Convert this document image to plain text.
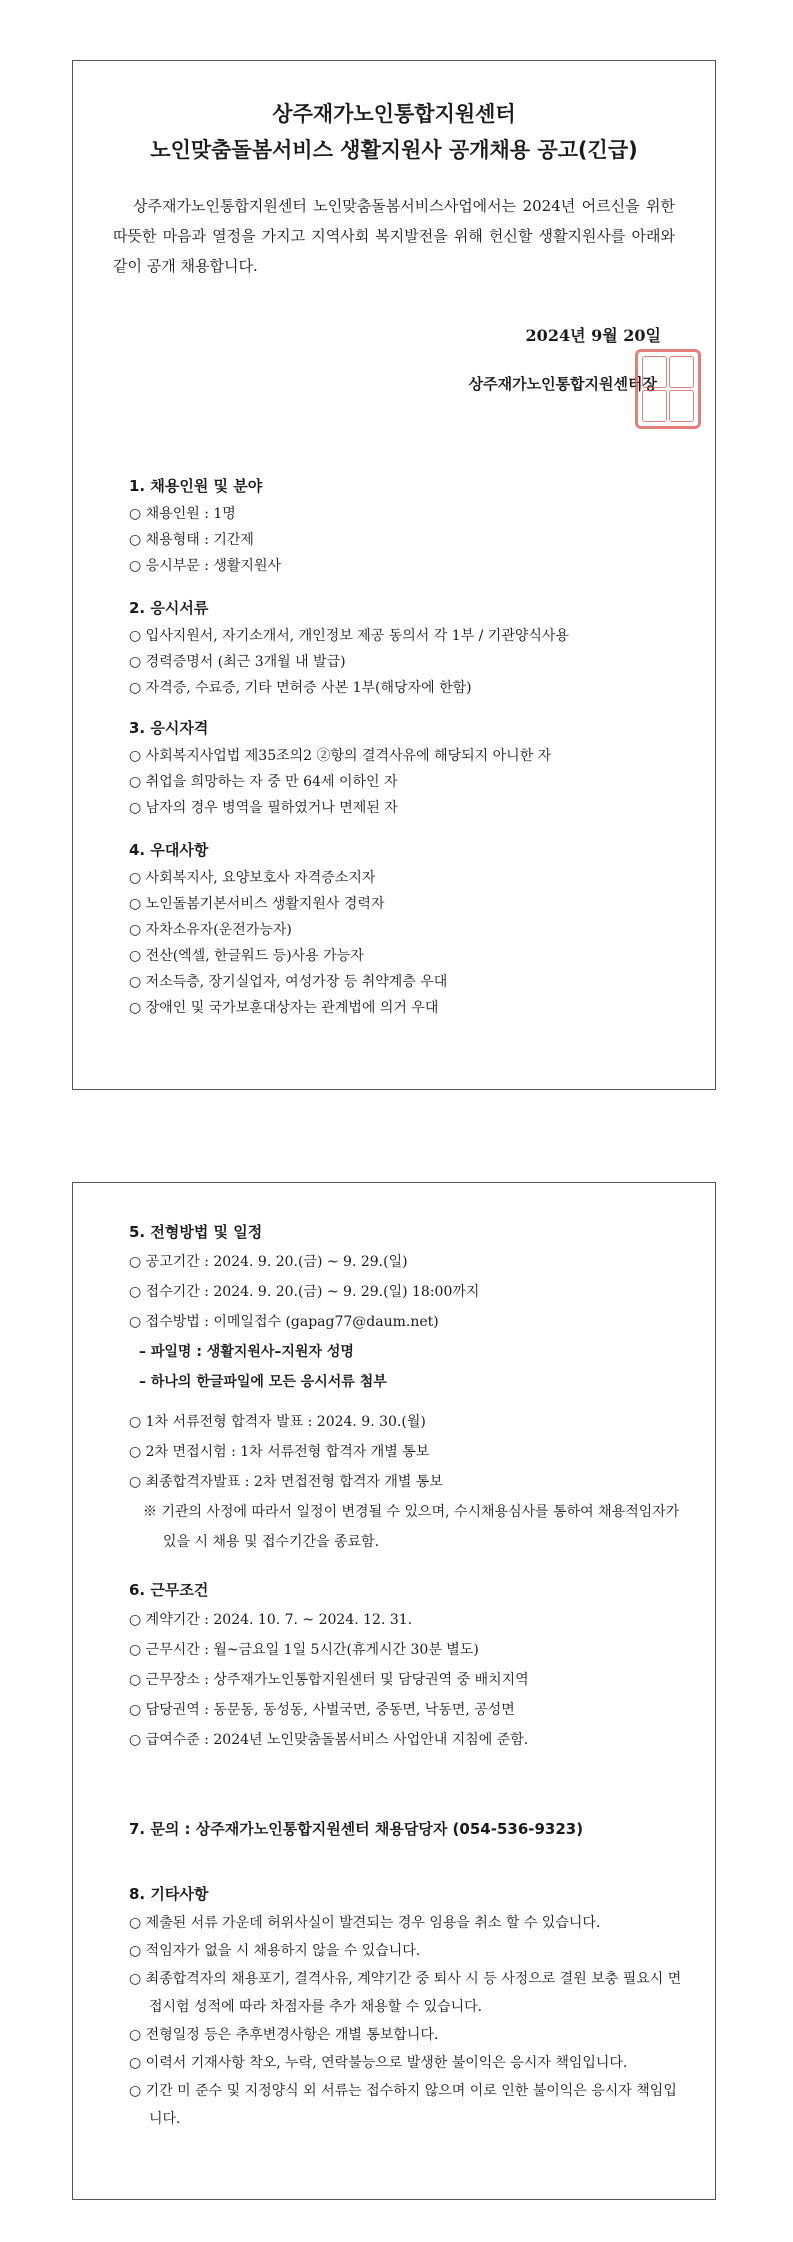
상주재가노인통합지원센터
노인맞춤돌봄서비스 생활지원사 공개채용 공고(긴급)

상주재가노인통합지원센터 노인맞춤돌봄서비스사업에서는 2024년 어르신을 위한 따뜻한 마음과 열정을 가지고 지역사회 복지발전을 위해 헌신할 생활지원사를 아래와 같이 공개 채용합니다.

2024년 9월 20일
상주재가노인통합지원센터장
1. 채용인원 및 분야
○ 채용인원 : 1명
○ 채용형태 : 기간제
○ 응시부문 : 생활지원사
2. 응시서류
○ 입사지원서, 자기소개서, 개인정보 제공 동의서 각 1부 / 기관양식사용
○ 경력증명서 (최근 3개월 내 발급)
○ 자격증, 수료증, 기타 면허증 사본 1부(해당자에 한함)
3. 응시자격
○ 사회복지사업법 제35조의2 ②항의 결격사유에 해당되지 아니한 자
○ 취업을 희망하는 자 중 만 64세 이하인 자
○ 남자의 경우 병역을 필하였거나 면제된 자
4. 우대사항
○ 사회복지사, 요양보호사 자격증소지자
○ 노인돌봄기본서비스 생활지원사 경력자
○ 자차소유자(운전가능자)
○ 전산(엑셀, 한글워드 등)사용 가능자
○ 저소득층, 장기실업자, 여성가장 등 취약계층 우대
○ 장애인 및 국가보훈대상자는 관계법에 의거 우대
5. 전형방법 및 일정
○ 공고기간 : 2024. 9. 20.(금) ~ 9. 29.(일)
○ 접수기간 : 2024. 9. 20.(금) ~ 9. 29.(일) 18:00까지
○ 접수방법 : 이메일접수 (gapag77@daum.net)
– 파일명 : 생활지원사–지원자 성명
– 하나의 한글파일에 모든 응시서류 첨부
○ 1차 서류전형 합격자 발표 : 2024. 9. 30.(월)
○ 2차 면접시험 : 1차 서류전형 합격자 개별 통보
○ 최종합격자발표 : 2차 면접전형 합격자 개별 통보
※ 기관의 사정에 따라서 일정이 변경될 수 있으며, 수시채용심사를 통하여 채용적임자가 있을 시 채용 및 접수기간을 종료함.
6. 근무조건
○ 계약기간 : 2024. 10. 7. ~ 2024. 12. 31.
○ 근무시간 : 월~금요일 1일 5시간(휴게시간 30분 별도)
○ 근무장소 : 상주재가노인통합지원센터 및 담당권역 중 배치지역
○ 담당권역 : 동문동, 동성동, 사벌국면, 중동면, 낙동면, 공성면
○ 급여수준 : 2024년 노인맞춤돌봄서비스 사업안내 지침에 준함.
7. 문의 : 상주재가노인통합지원센터 채용담당자 (054-536-9323)
8. 기타사항
○ 제출된 서류 가운데 허위사실이 발견되는 경우 임용을 취소 할 수 있습니다.
○ 적임자가 없을 시 채용하지 않을 수 있습니다.
○ 최종합격자의 채용포기, 결격사유, 계약기간 중 퇴사 시 등 사정으로 결원 보충 필요시 면접시험 성적에 따라 차점자를 추가 채용할 수 있습니다.
○ 전형일정 등은 추후변경사항은 개별 통보합니다.
○ 이력서 기재사항 착오, 누락, 연락불능으로 발생한 불이익은 응시자 책임입니다.
○ 기간 미 준수 및 지정양식 외 서류는 접수하지 않으며 이로 인한 불이익은 응시자 책임입니다.
